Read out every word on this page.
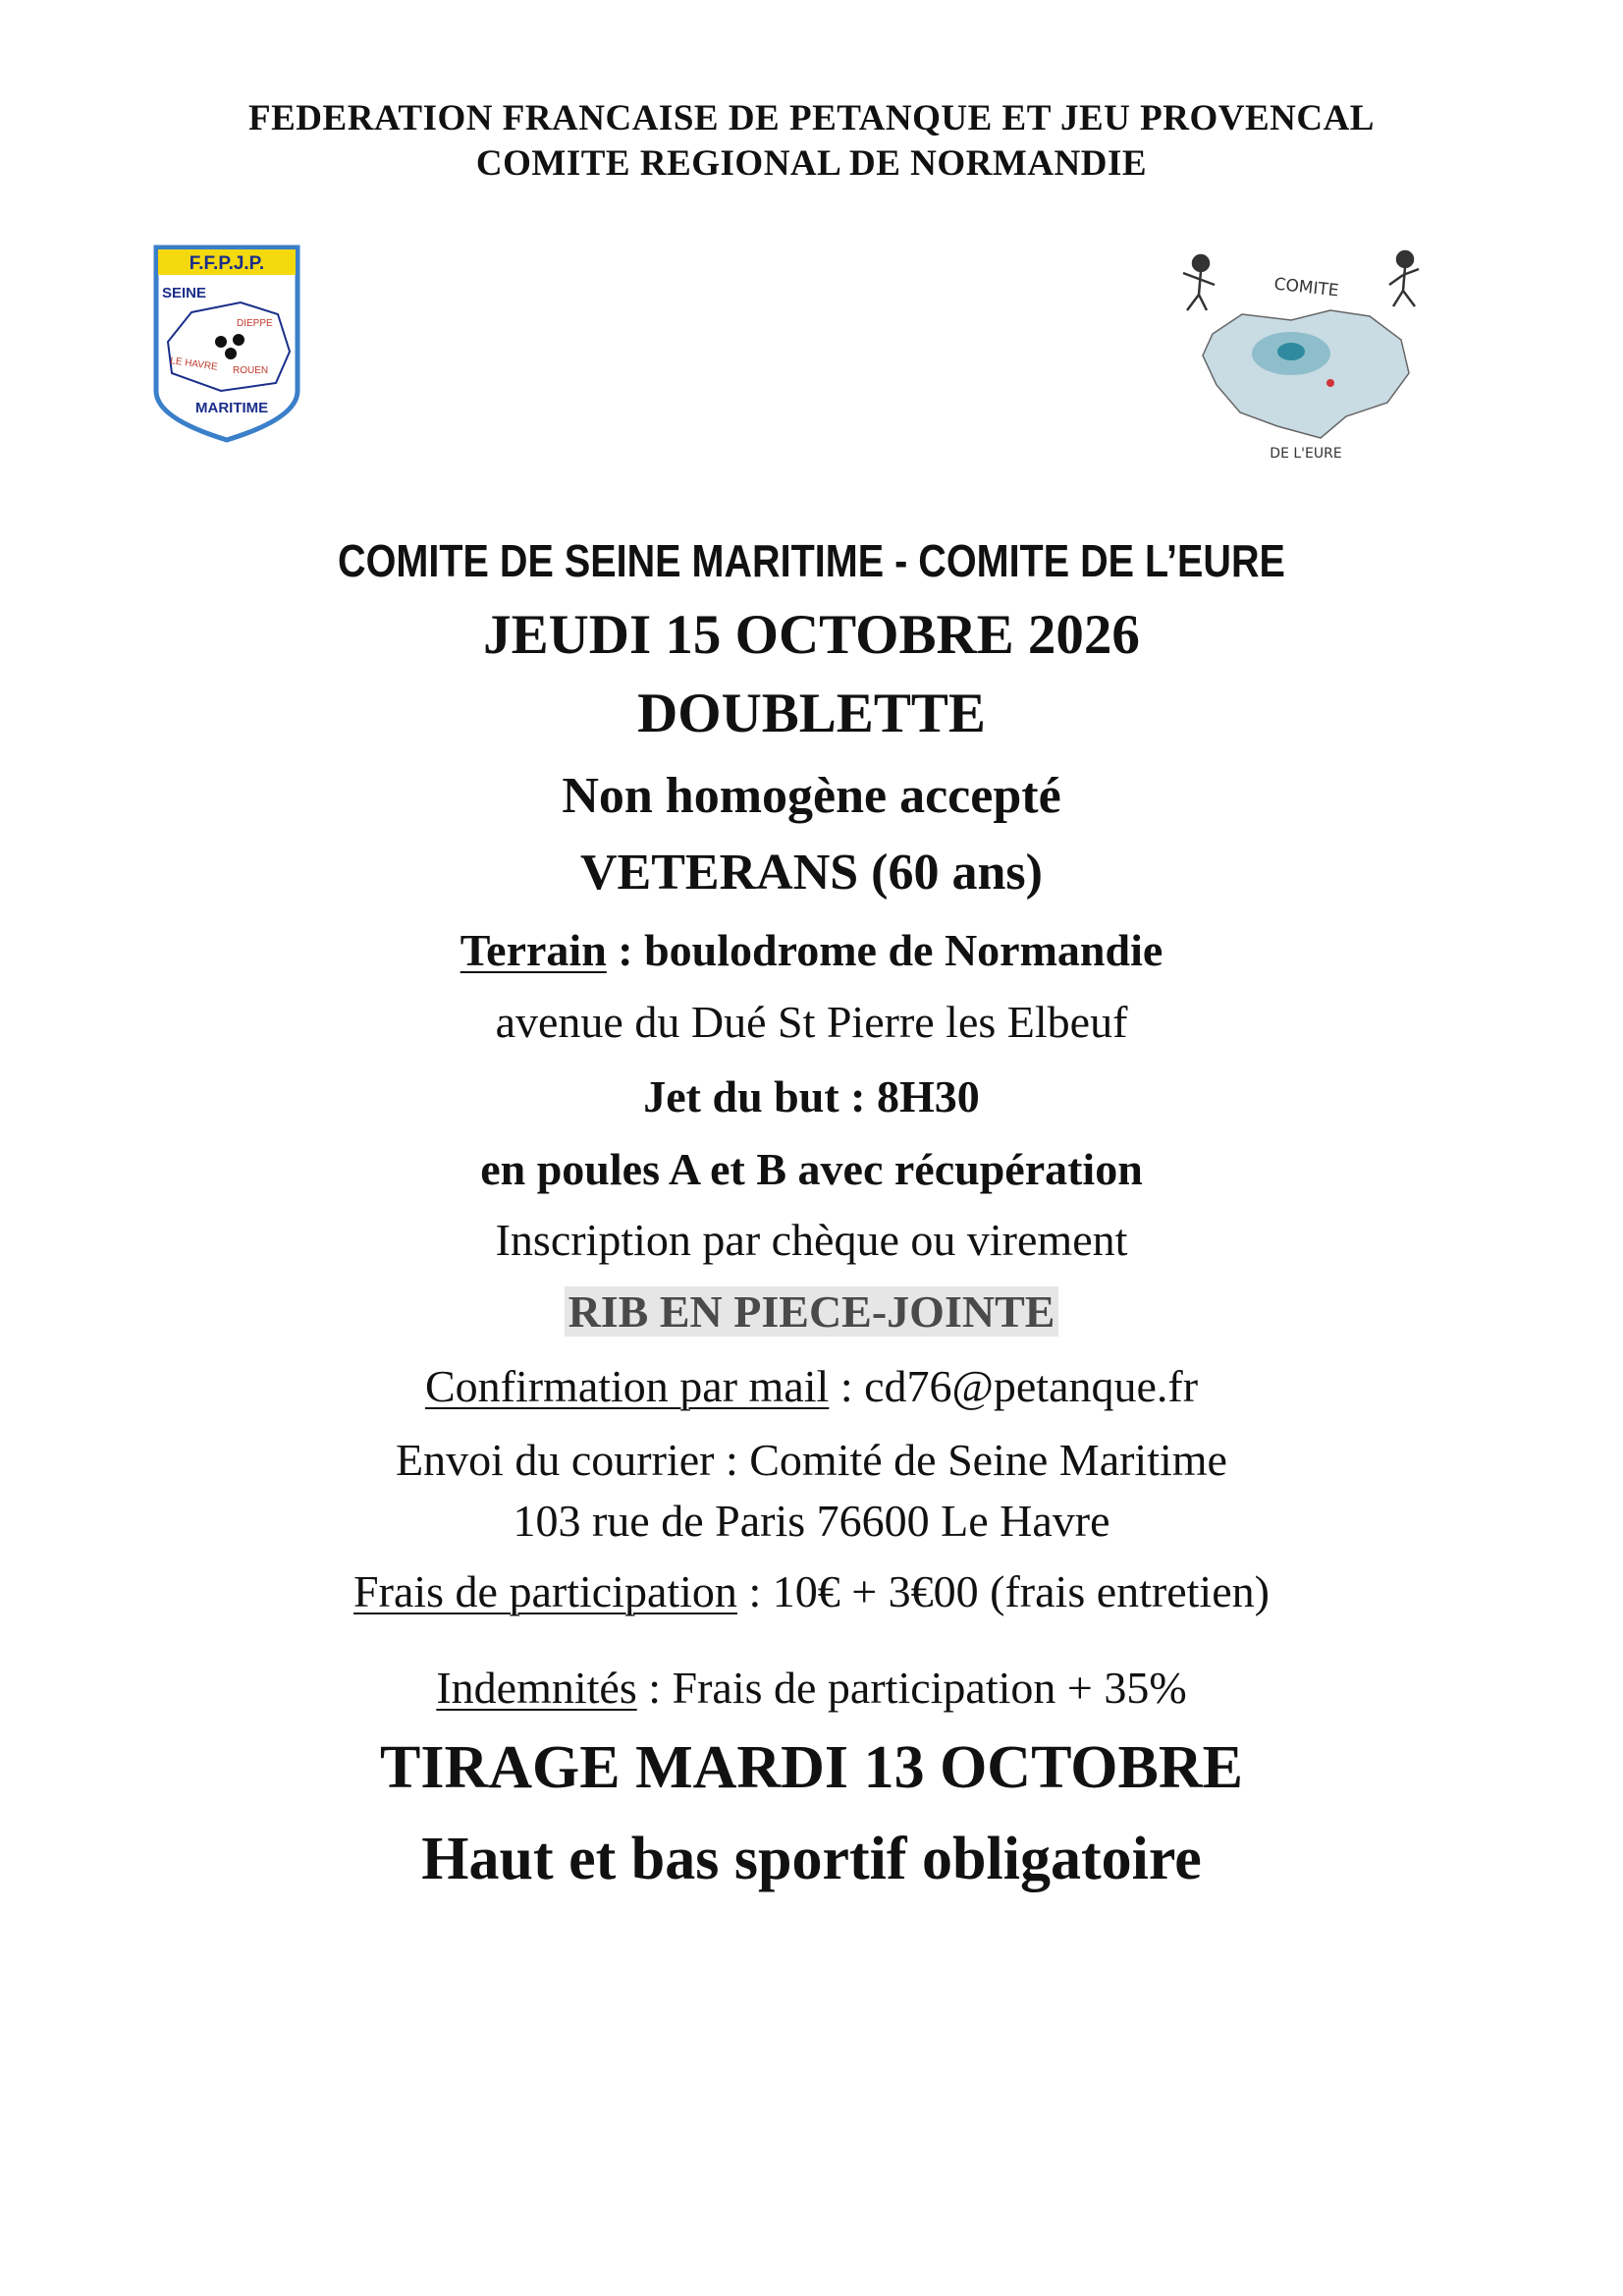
FEDERATION FRANCAISE DE PETANQUE ET JEU PROVENCAL
COMITE REGIONAL DE NORMANDIE
F.F.P.J.P.
SEINE
DIEPPE
LE HAVRE ROUEN
MARITIME
COMITE
DE L'EURE
COMITE DE SEINE MARITIME - COMITE DE L’EURE
JEUDI 15 OCTOBRE 2026
DOUBLETTE
Non homogène accepté
VETERANS (60 ans)
Terrain : boulodrome de Normandie
avenue du Dué St Pierre les Elbeuf
Jet du but : 8H30
en poules A et B avec récupération
Inscription par chèque ou virement
RIB EN PIECE-JOINTE
Confirmation par mail : cd76@petanque.fr
Envoi du courrier : Comité de Seine Maritime
103 rue de Paris 76600 Le Havre
Frais de participation : 10€ + 3€00 (frais entretien)
Indemnités : Frais de participation + 35%
TIRAGE MARDI 13 OCTOBRE
Haut et bas sportif obligatoire
